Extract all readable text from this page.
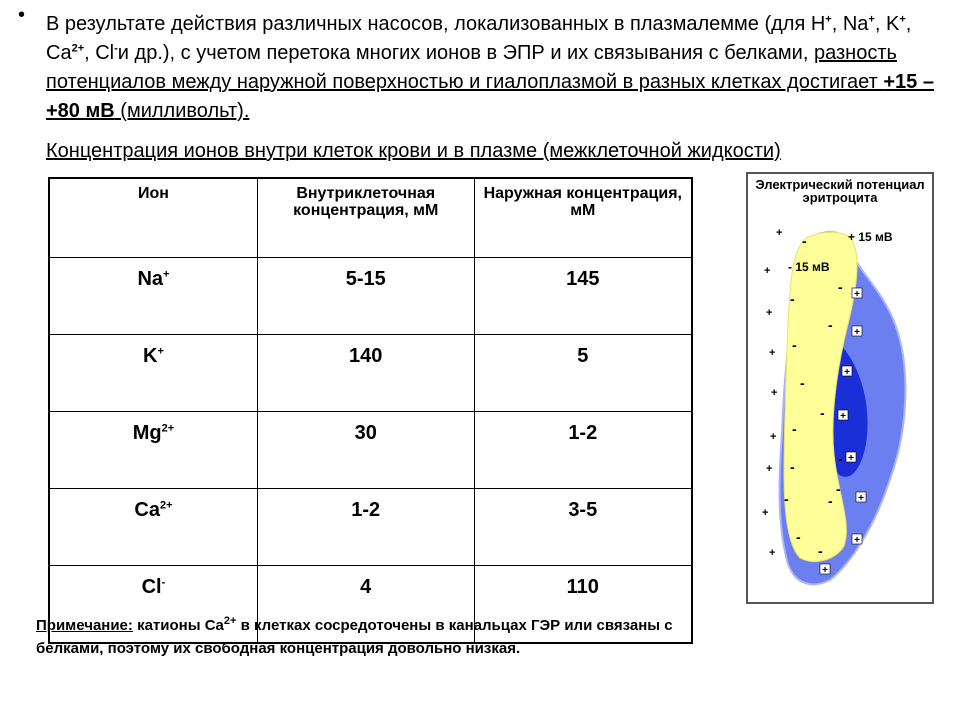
• В результате действия различных насосов, локализованных в плазмалемме (для H+, Na+, K+, $Ca^{2+}$, Cl-и др.), с учетом перетока многих ионов в ЭПР и их связывания с белками, разность потенциалов между наружной поверхностью и гиалоплазмой в разных клетках достигает +15 – +80 мВ (милливольт).
Концентрация ионов внутри клеток крови и в плазме (межклеточной жидкости)
Ион	Внутриклеточная концентрация, мМ	Наружная концентрация, мМ
Na+	5-15	145
K+	140	5
$Mg^{2+}$	30	1-2
$Ca^{2+}$	1-2	3-5
Cl-	4	110
Примечание: катионы $Ca^{2+}$ в клетках сосредоточены в канальцах ГЭР или связаны с белками, поэтому их свободная концентрация довольно низкая.
Электрический потенциал эритроцита
+ 15 мВ
- 15 мВ
+
+
+
+
+
+
+
+
+
+
+
+
+
+
+
+
+
-
-
-
-
-
-
-
-
-
-
-	-
-
-
-
